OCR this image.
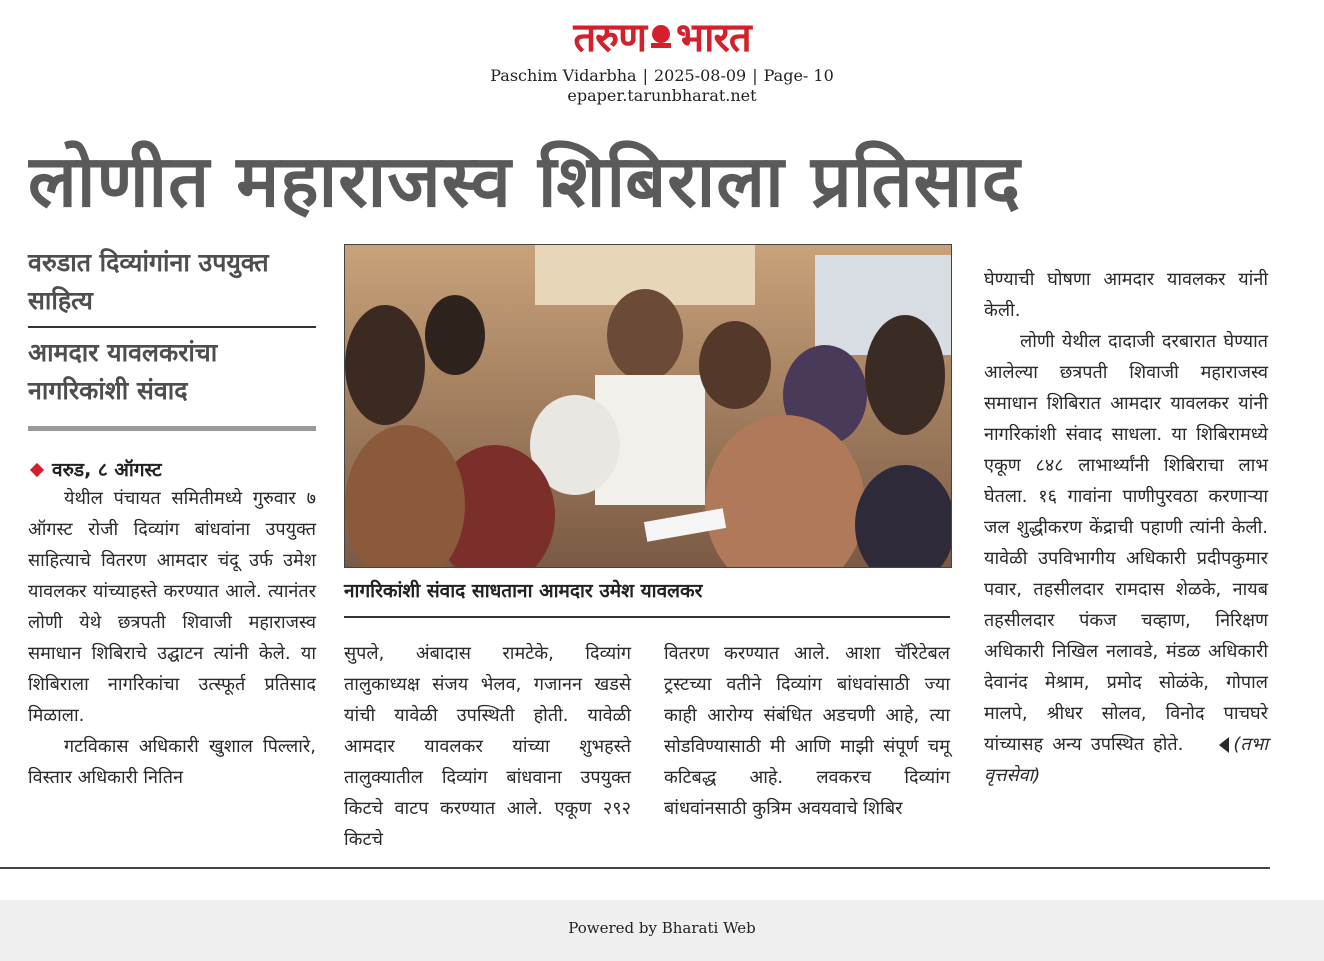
तरुण भारत
Paschim Vidarbha | 2025-08-09 | Page- 10
epaper.tarunbharat.net
लोणीत महाराजस्व शिबिराला प्रतिसाद
वरुडात दिव्यांगांना उपयुक्त साहित्य
आमदार यावलकरांचा नागरिकांशी संवाद
वरुड, ८ ऑगस्ट

येथील पंचायत समितीमध्ये गुरुवार ७ ऑगस्ट रोजी दिव्यांग बांधवांना उपयुक्त साहित्याचे वितरण आमदार चंदू उर्फ उमेश यावलकर यांच्याहस्ते करण्यात आले. त्यानंतर लोणी येथे छत्रपती शिवाजी महाराजस्व समाधान शिबिराचे उद्घाटन त्यांनी केले. या शिबिराला नागरिकांचा उत्स्फूर्त प्रतिसाद मिळाला.

गटविकास अधिकारी खुशाल पिल्लारे, विस्तार अधिकारी नितिन

नागरिकांशी संवाद साधताना आमदार उमेश यावलकर

सुपले, अंबादास रामटेके, दिव्यांग तालुकाध्यक्ष संजय भेलव, गजानन खडसे यांची यावेळी उपस्थिती होती. यावेळी आमदार यावलकर यांच्या शुभहस्ते तालुक्यातील दिव्यांग बांधवाना उपयुक्त किटचे वाटप करण्यात आले. एकूण २९२ किटचे

वितरण करण्यात आले. आशा चॅरिटेबल ट्रस्टच्या वतीने दिव्यांग बांधवांसाठी ज्या काही आरोग्य संबंधित अडचणी आहे, त्या सोडविण्यासाठी मी आणि माझी संपूर्ण चमू कटिबद्ध आहे. लवकरच दिव्यांग बांधवांनसाठी कुत्रिम अवयवाचे शिबिर

घेण्याची घोषणा आमदार यावलकर यांनी केली.

लोणी येथील दादाजी दरबारात घेण्यात आलेल्या छत्रपती शिवाजी महाराजस्व समाधान शिबिरात आमदार यावलकर यांनी नागरिकांशी संवाद साधला. या शिबिरामध्ये एकूण ८४८ लाभार्थ्यांनी शिबिराचा लाभ घेतला. १६ गावांना पाणीपुरवठा करणाऱ्या जल शुद्धीकरण केंद्राची पहाणी त्यांनी केली. यावेळी उपविभागीय अधिकारी प्रदीपकुमार पवार, तहसीलदार रामदास शेळके, नायब तहसीलदार पंकज चव्हाण, निरिक्षण अधिकारी निखिल नलावडे, मंडळ अधिकारी देवानंद मेश्राम, प्रमोद सोळंके, गोपाल मालपे, श्रीधर सोलव, विनोद पाचघरे यांच्यासह अन्य उपस्थित होते.	(तभा वृत्तसेवा)

Powered by Bharati Web
